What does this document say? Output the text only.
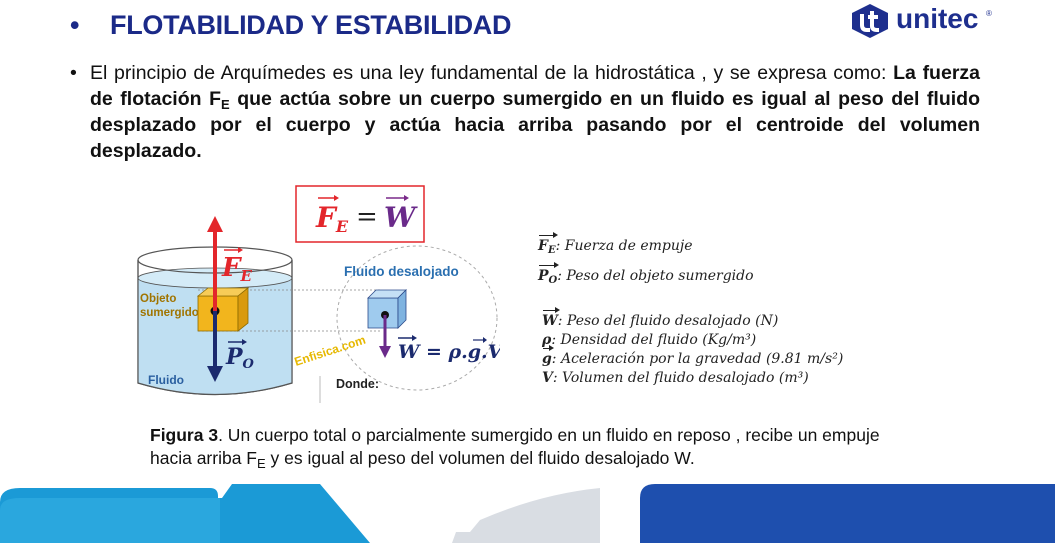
• FLOTABILIDAD Y ESTABILIDAD	unitec ®
• El principio de Arquímedes es una ley fundamental de la hidrostática , y se expresa como: La fuerza de flotación $F_E$ que actúa sobre un cuerpo sumergido en un fluido es igual al peso del fluido desplazado por el cuerpo y actúa hacia arriba pasando por el centroide del volumen desplazado.
FE = W
FE
PO
Objeto
sumergido
Fluido
Fluido desalojado
Enfisica.com W = ρ.g.V
Donde:
$F_E$: Fuerza de empuje
$P_O$: Peso del objeto sumergido
W: Peso del fluido desalojado (N)
ρ: Densidad del fluido (Kg/m³)
g: Aceleración por la gravedad (9.81 m/s²)
V: Volumen del fluido desalojado (m³)
Figura 3. Un cuerpo total o parcialmente sumergido en un fluido en reposo , recibe un empuje hacia arriba $F_E$ y es igual al peso del volumen del fluido desalojado W.
